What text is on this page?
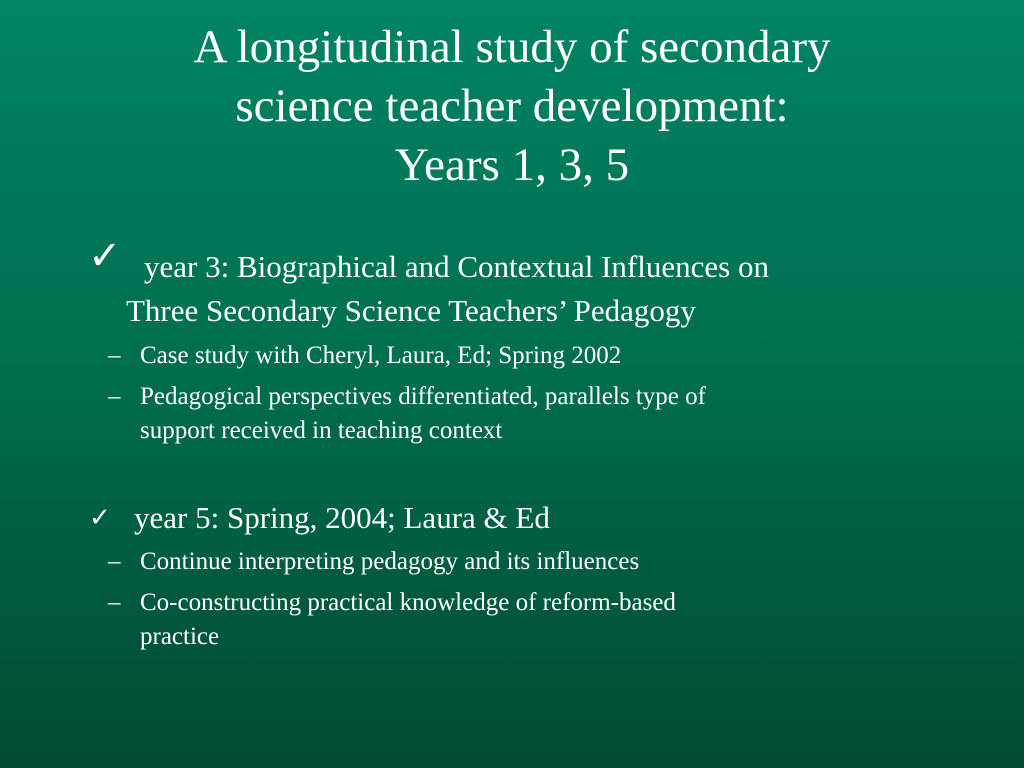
A longitudinal study of secondary
science teacher development:
Years 1, 3, 5
✓ year 3: Biographical and Contextual Influences on
Three Secondary Science Teachers’ Pedagogy
– Case study with Cheryl, Laura, Ed; Spring 2002
– Pedagogical perspectives differentiated, parallels type of
support received in teaching context
✓ year 5: Spring, 2004; Laura & Ed
– Continue interpreting pedagogy and its influences
– Co-constructing practical knowledge of reform-based
practice
